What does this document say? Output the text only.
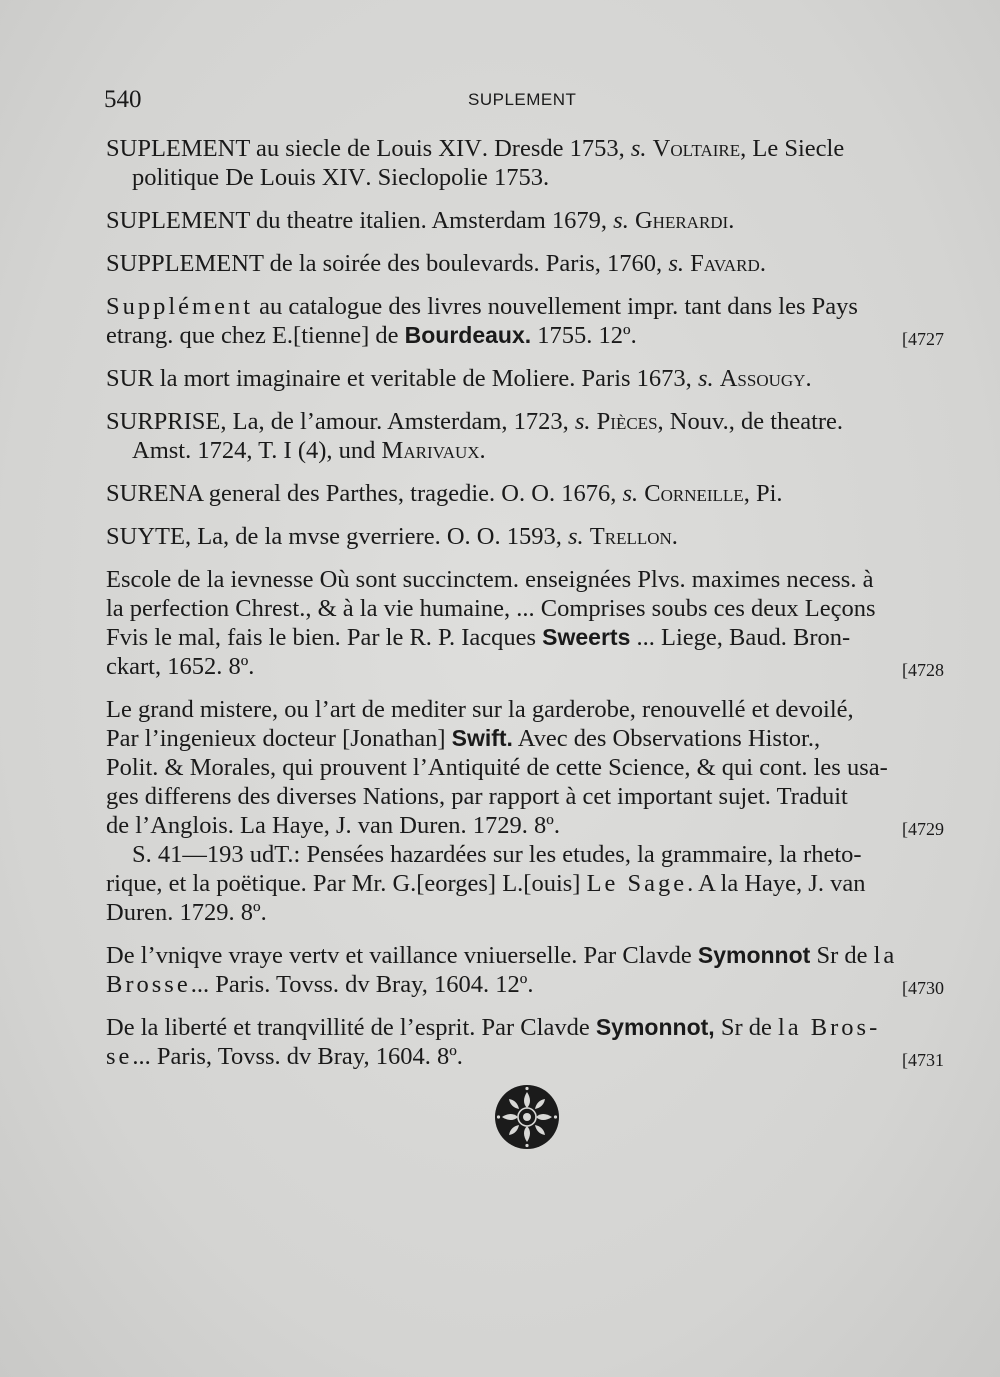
540	SUPLEMENT
SUPLEMENT au siecle de Louis XIV. Dresde 1753, s. Voltaire, Le Siecle
politique De Louis XIV. Sieclopolie 1753.
SUPLEMENT du theatre italien. Amsterdam 1679, s. Gherardi.
SUPPLEMENT de la soirée des boulevards. Paris, 1760, s. Favard.
Supplément au catalogue des livres nouvellement impr. tant dans les Pays
etrang. que chez E.[tienne] de Bourdeaux. 1755. 12º.	[4727
SUR la mort imaginaire et veritable de Moliere. Paris 1673, s. Assougy.
SURPRISE, La, de l’amour. Amsterdam, 1723, s. Pièces, Nouv., de theatre.
Amst. 1724, T. I (4), und Marivaux.
SURENA general des Parthes, tragedie. O. O. 1676, s. Corneille, Pi.
SUYTE, La, de la mvse gverriere. O. O. 1593, s. Trellon.
Escole de la ievnesse Où sont succinctem. enseignées Plvs. maximes necess. à
la perfection Chrest., & à la vie humaine, ... Comprises soubs ces deux Leçons
Fvis le mal, fais le bien. Par le R. P. Iacques Sweerts ... Liege, Baud. Bron-
ckart, 1652. 8º.	[4728
Le grand mistere, ou l’art de mediter sur la garderobe, renouvellé et devoilé,
Par l’ingenieux docteur [Jonathan] Swift. Avec des Observations Histor.,
Polit. & Morales, qui prouvent l’Antiquité de cette Science, & qui cont. les usa-
ges differens des diverses Nations, par rapport à cet important sujet. Traduit
de l’Anglois. La Haye, J. van Duren. 1729. 8º.	[4729
S. 41—193 udT.: Pensées hazardées sur les etudes, la grammaire, la rheto-
rique, et la poëtique. Par Mr. G.[eorges] L.[ouis] Le Sage. A la Haye, J. van
Duren. 1729. 8º.
De l’vniqve vraye vertv et vaillance vniuerselle. Par Clavde Symonnot Sr de la
Brosse... Paris. Tovss. dv Bray, 1604. 12º.	[4730
De la liberté et tranqvillité de l’esprit. Par Clavde Symonnot, Sr de la Bros-
se... Paris, Tovss. dv Bray, 1604. 8º.	[4731
